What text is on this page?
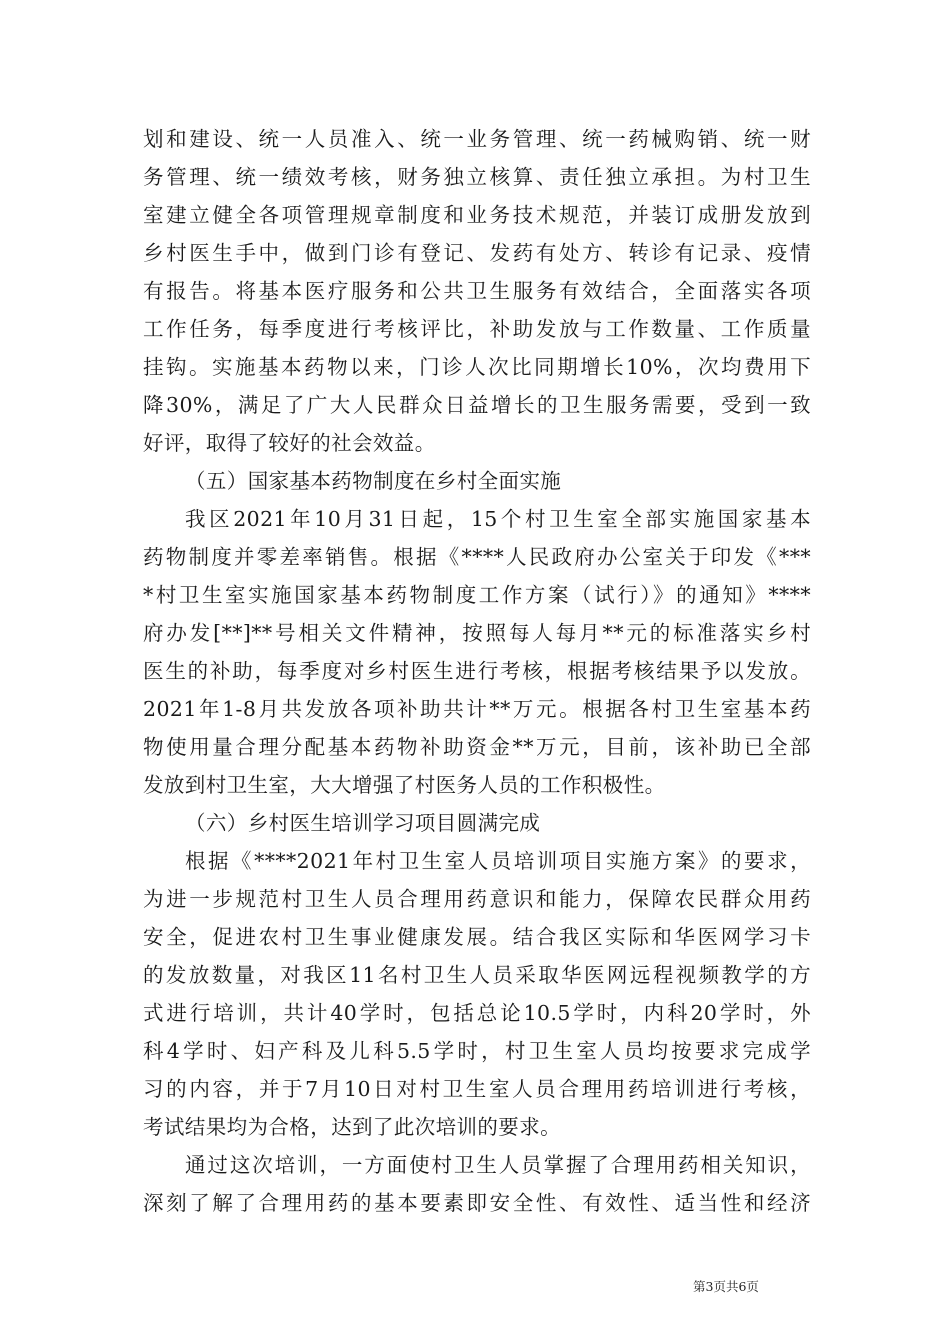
划和建设、统一人员准入、统一业务管理、统一药械购销、统一财
务管理、统一绩效考核，财务独立核算、责任独立承担。为村卫生
室建立健全各项管理规章制度和业务技术规范，并装订成册发放到
乡村医生手中，做到门诊有登记、发药有处方、转诊有记录、疫情
有报告。将基本医疗服务和公共卫生服务有效结合，全面落实各项
工作任务，每季度进行考核评比，补助发放与工作数量、工作质量
挂钩。实施基本药物以来，门诊人次比同期增长10%，次均费用下
降30%，满足了广大人民群众日益增长的卫生服务需要，受到一致
好评，取得了较好的社会效益。
（五）国家基本药物制度在乡村全面实施
我区2021年10月31日起，15个村卫生室全部实施国家基本
药物制度并零差率销售。根据《****人民政府办公室关于印发《***
*村卫生室实施国家基本药物制度工作方案（试行）》的通知》****
府办发[**]**号相关文件精神，按照每人每月**元的标准落实乡村
医生的补助，每季度对乡村医生进行考核，根据考核结果予以发放。
2021年1-8月共发放各项补助共计**万元。根据各村卫生室基本药
物使用量合理分配基本药物补助资金**万元，目前，该补助已全部
发放到村卫生室，大大增强了村医务人员的工作积极性。
（六）乡村医生培训学习项目圆满完成
根据《****2021年村卫生室人员培训项目实施方案》的要求，
为进一步规范村卫生人员合理用药意识和能力，保障农民群众用药
安全，促进农村卫生事业健康发展。结合我区实际和华医网学习卡
的发放数量，对我区11名村卫生人员采取华医网远程视频教学的方
式进行培训，共计40学时，包括总论10.5学时，内科20学时，外
科4学时、妇产科及儿科5.5学时，村卫生室人员均按要求完成学
习的内容，并于7月10日对村卫生室人员合理用药培训进行考核，
考试结果均为合格，达到了此次培训的要求。
通过这次培训，一方面使村卫生人员掌握了合理用药相关知识，
深刻了解了合理用药的基本要素即安全性、有效性、适当性和经济
第3页共6页
